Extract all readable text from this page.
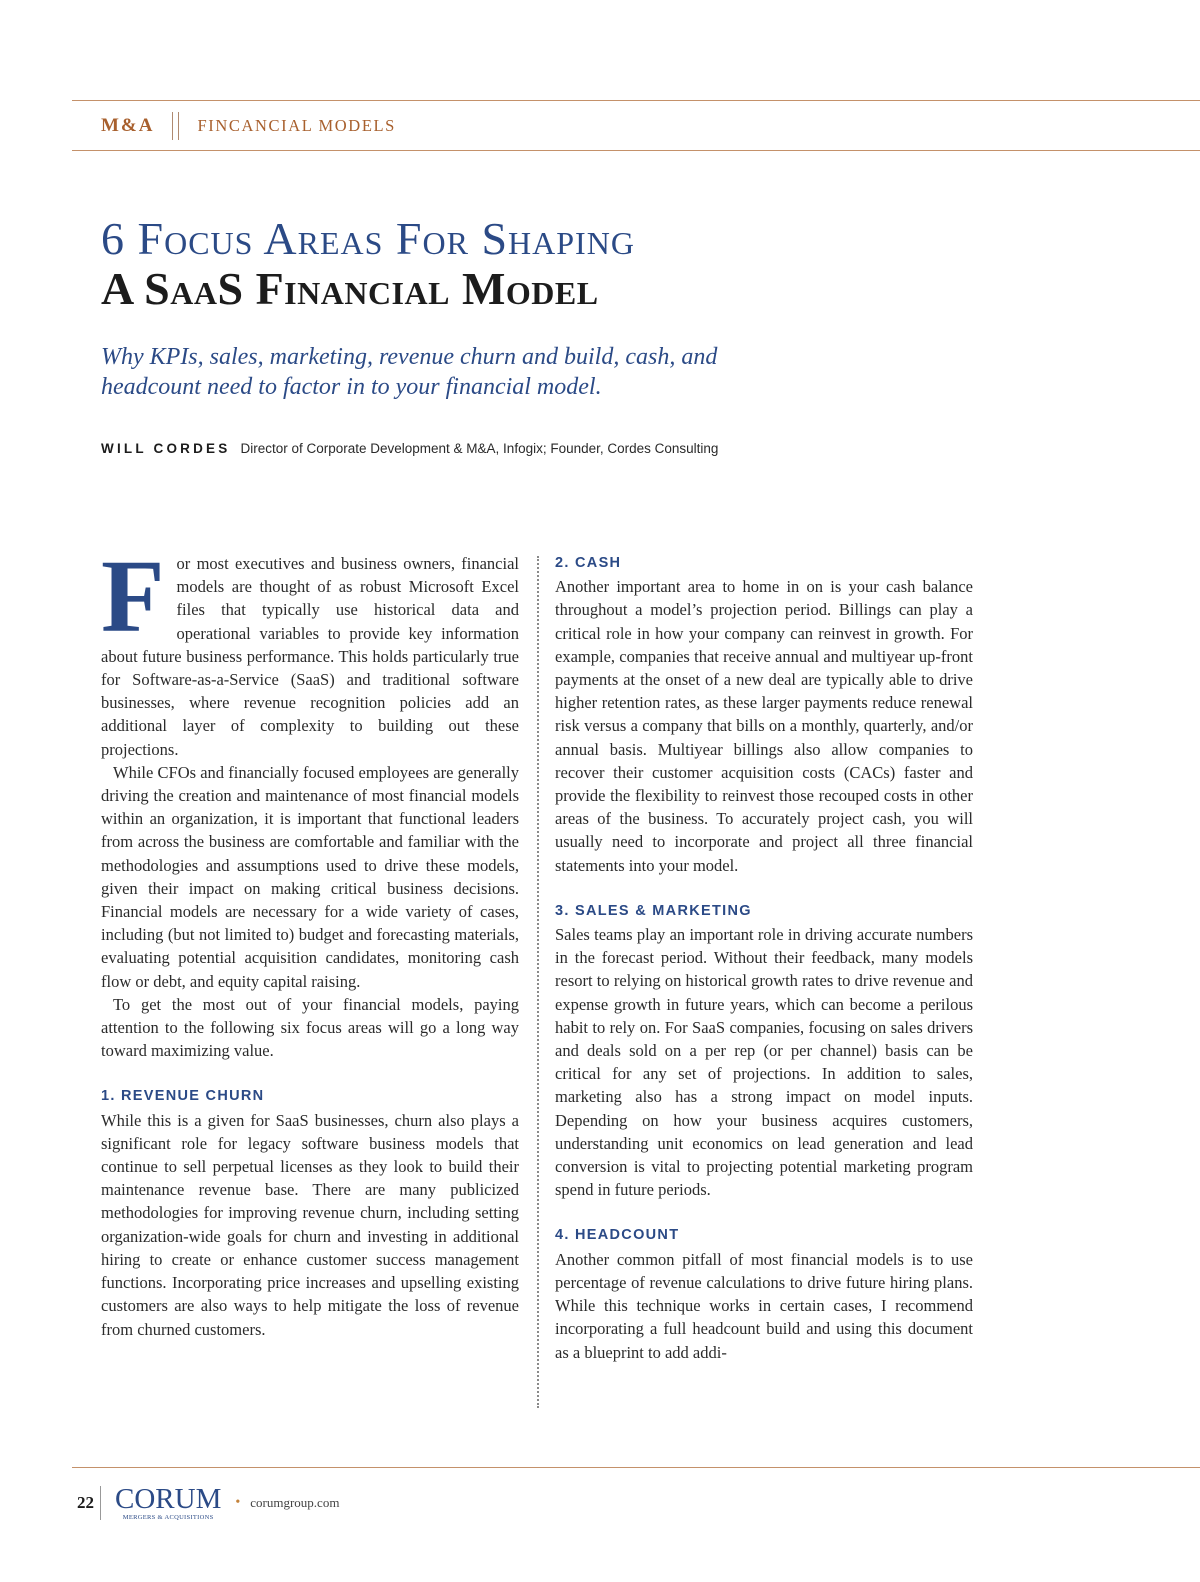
M&A	FINCANCIAL MODELS
6 Focus Areas For Shaping
A SaaS Financial Model
Why KPIs, sales, marketing, revenue churn and build, cash, and headcount need to factor in to your financial model.
WILL CORDES Director of Corporate Development & M&A, Infogix; Founder, Cordes Consulting

For most executives and business owners, financial models are thought of as robust Microsoft Excel files that typically use historical data and operational variables to provide key information about future business performance. This holds particularly true for Software-as-a-Service (SaaS) and traditional software businesses, where revenue recognition policies add an additional layer of complexity to building out these projections.

While CFOs and financially focused employees are generally driving the creation and maintenance of most financial models within an organization, it is important that functional leaders from across the business are comfortable and familiar with the methodologies and assumptions used to drive these models, given their impact on making critical business decisions. Financial models are necessary for a wide variety of cases, including (but not limited to) budget and forecasting materials, evaluating potential acquisition candidates, monitoring cash flow or debt, and equity capital raising.

To get the most out of your financial models, paying attention to the following six focus areas will go a long way toward maximizing value.

1. REVENUE CHURN

While this is a given for SaaS businesses, churn also plays a significant role for legacy software business models that continue to sell perpetual licenses as they look to build their maintenance revenue base. There are many publicized methodologies for improving revenue churn, including setting organization-wide goals for churn and investing in additional hiring to create or enhance customer success management functions. Incorporating price increases and upselling existing customers are also ways to help mitigate the loss of revenue from churned customers.

2. CASH

Another important area to home in on is your cash balance throughout a model’s projection period. Billings can play a critical role in how your company can reinvest in growth. For example, companies that receive annual and multiyear up-front payments at the onset of a new deal are typically able to drive higher retention rates, as these larger payments reduce renewal risk versus a company that bills on a monthly, quarterly, and/or annual basis. Multiyear billings also allow companies to recover their customer acquisition costs (CACs) faster and provide the flexibility to reinvest those recouped costs in other areas of the business. To accurately project cash, you will usually need to incorporate and project all three financial statements into your model.

3. SALES & MARKETING

Sales teams play an important role in driving accurate numbers in the forecast period. Without their feedback, many models resort to relying on historical growth rates to drive revenue and expense growth in future years, which can become a perilous habit to rely on. For SaaS companies, focusing on sales drivers and deals sold on a per rep (or per channel) basis can be critical for any set of projections. In addition to sales, marketing also has a strong impact on model inputs. Depending on how your business acquires customers, understanding unit economics on lead generation and lead conversion is vital to projecting potential marketing program spend in future periods.

4. HEADCOUNT

Another common pitfall of most financial models is to use percentage of revenue calculations to drive future hiring plans. While this technique works in certain cases, I recommend incorporating a full headcount build and using this document as a blueprint to add addi-

22 CORUM
MERGERS & ACQUISITIONS
• corumgroup.com
